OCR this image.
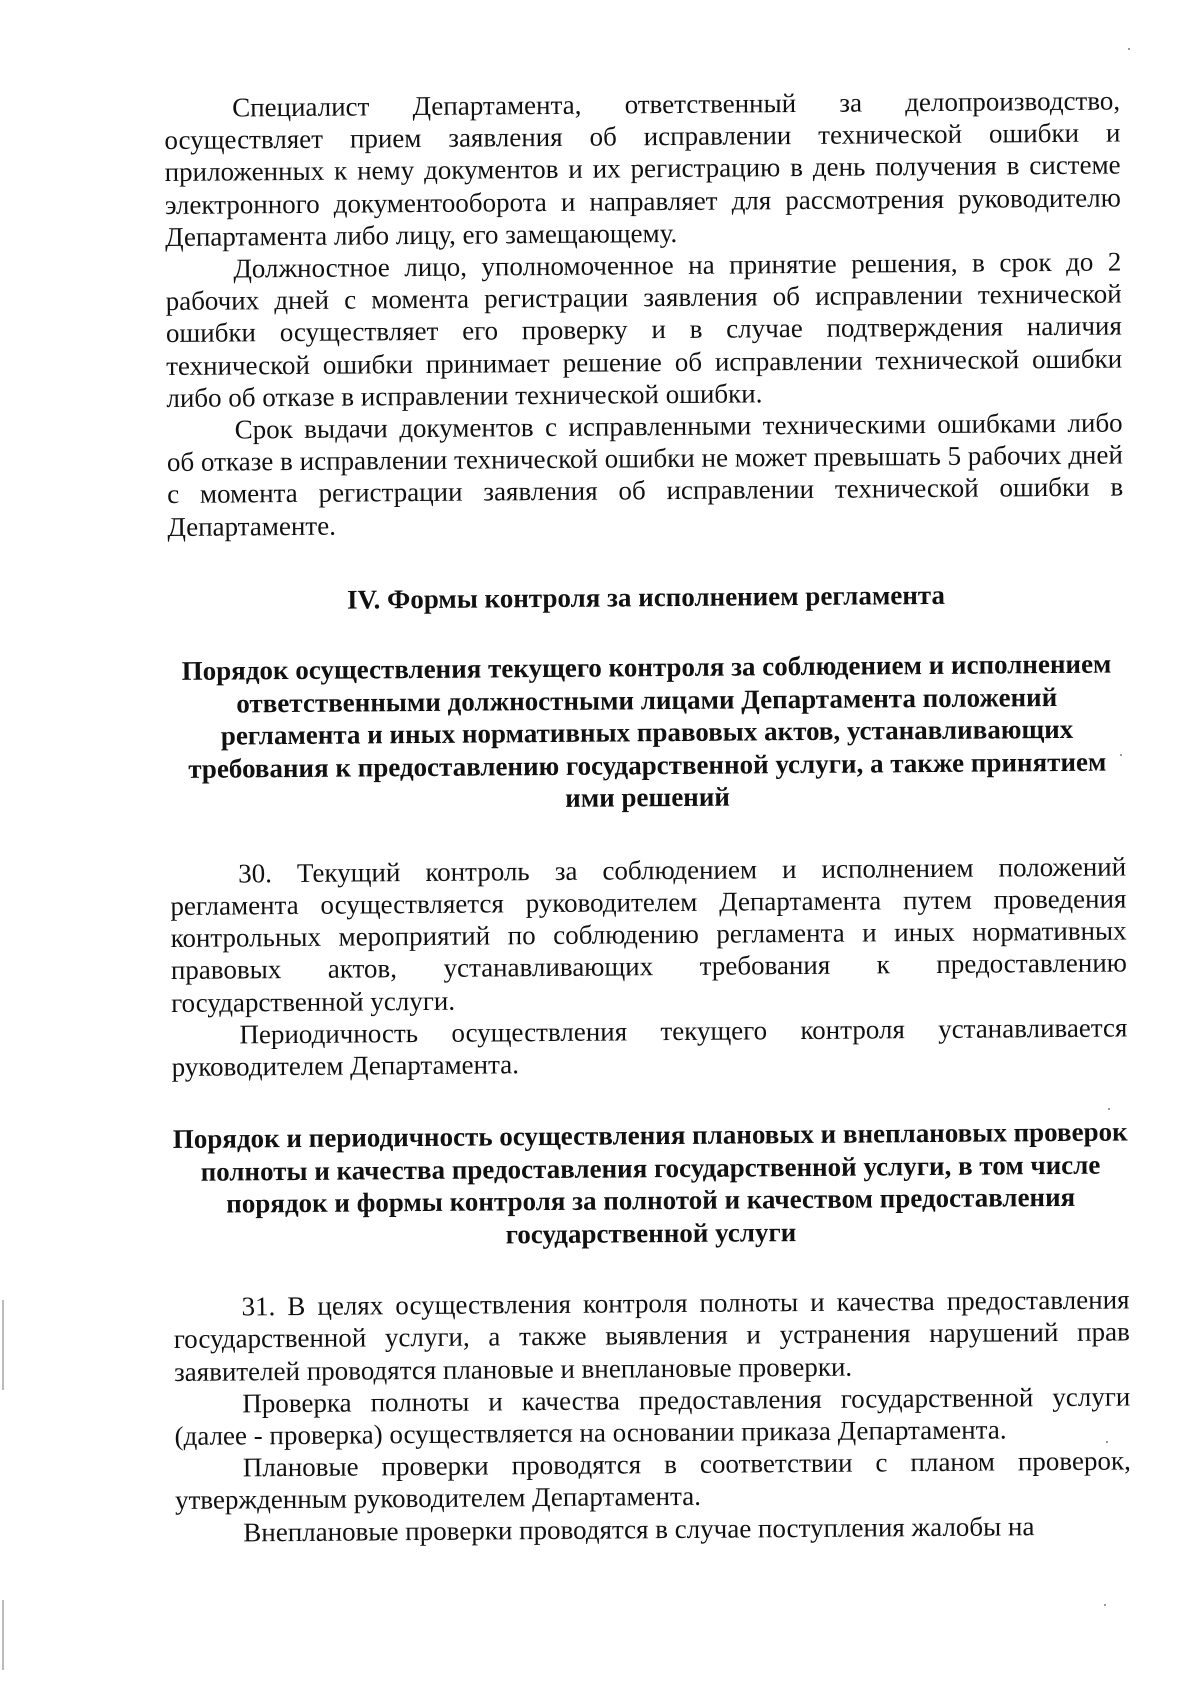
Специалист Департамента, ответственный за делопроизводство, осуществляет прием заявления об исправлении технической ошибки и приложенных к нему документов и их регистрацию в день получения в системе электронного документооборота и направляет для рассмотрения руководителю Департамента либо лицу, его замещающему.

Должностное лицо, уполномоченное на принятие решения, в срок до 2 рабочих дней с момента регистрации заявления об исправлении технической ошибки осуществляет его проверку и в случае подтверждения наличия технической ошибки принимает решение об исправлении технической ошибки либо об отказе в исправлении технической ошибки.

Срок выдачи документов с исправленными техническими ошибками либо об отказе в исправлении технической ошибки не может превышать 5 рабочих дней с момента регистрации заявления об исправлении технической ошибки в Департаменте.

IV. Формы контроля за исполнением регламента

Порядок осуществления текущего контроля за соблюдением и исполнением ответственными должностными лицами Департамента положений регламента и иных нормативных правовых актов, устанавливающих требования к предоставлению государственной услуги, а также принятием ими решений

30. Текущий контроль за соблюдением и исполнением положений регламента осуществляется руководителем Департамента путем проведения контрольных мероприятий по соблюдению регламента и иных нормативных правовых актов, устанавливающих требования к предоставлению государственной услуги.

Периодичность осуществления текущего контроля устанавливается руководителем Департамента.

Порядок и периодичность осуществления плановых и внеплановых проверок полноты и качества предоставления государственной услуги, в том числе порядок и формы контроля за полнотой и качеством предоставления государственной услуги

31. В целях осуществления контроля полноты и качества предоставления государственной услуги, а также выявления и устранения нарушений прав заявителей проводятся плановые и внеплановые проверки.

Проверка полноты и качества предоставления государственной услуги (далее - проверка) осуществляется на основании приказа Департамента.

Плановые проверки проводятся в соответствии с планом проверок, утвержденным руководителем Департамента.

Внеплановые проверки проводятся в случае поступления жалобы на
